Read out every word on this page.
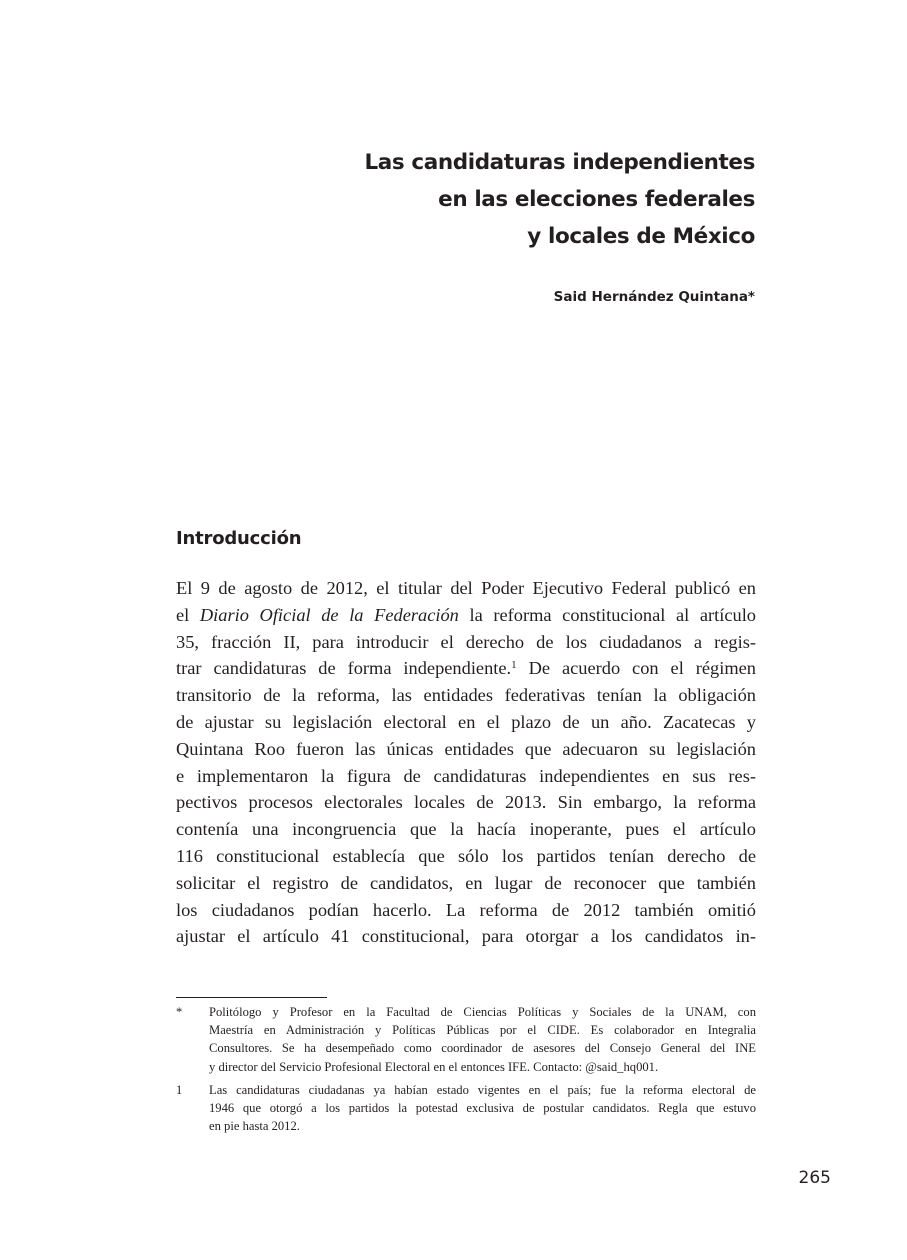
Las candidaturas independientes
en las elecciones federales
y locales de México
Said Hernández Quintana*
Introducción
El 9 de agosto de 2012, el titular del Poder Ejecutivo Federal publicó en
el Diario Oficial de la Federación la reforma constitucional al artículo
35, fracción II, para introducir el derecho de los ciudadanos a regis-
trar candidaturas de forma independiente.$^1$ De acuerdo con el régimen
transitorio de la reforma, las entidades federativas tenían la obligación
de ajustar su legislación electoral en el plazo de un año. Zacatecas y
Quintana Roo fueron las únicas entidades que adecuaron su legislación
e implementaron la figura de candidaturas independientes en sus res-
pectivos procesos electorales locales de 2013. Sin embargo, la reforma
contenía una incongruencia que la hacía inoperante, pues el artículo
116 constitucional establecía que sólo los partidos tenían derecho de
solicitar el registro de candidatos, en lugar de reconocer que también
los ciudadanos podían hacerlo. La reforma de 2012 también omitió
ajustar el artículo 41 constitucional, para otorgar a los candidatos in-
* Politólogo y Profesor en la Facultad de Ciencias Políticas y Sociales de la UNAM, con
Maestría en Administración y Políticas Públicas por el CIDE. Es colaborador en Integralia
Consultores. Se ha desempeñado como coordinador de asesores del Consejo General del INE
y director del Servicio Profesional Electoral en el entonces IFE. Contacto: @said_hq001.
1 Las candidaturas ciudadanas ya habían estado vigentes en el país; fue la reforma electoral de
1946 que otorgó a los partidos la potestad exclusiva de postular candidatos. Regla que estuvo
en pie hasta 2012.
265
